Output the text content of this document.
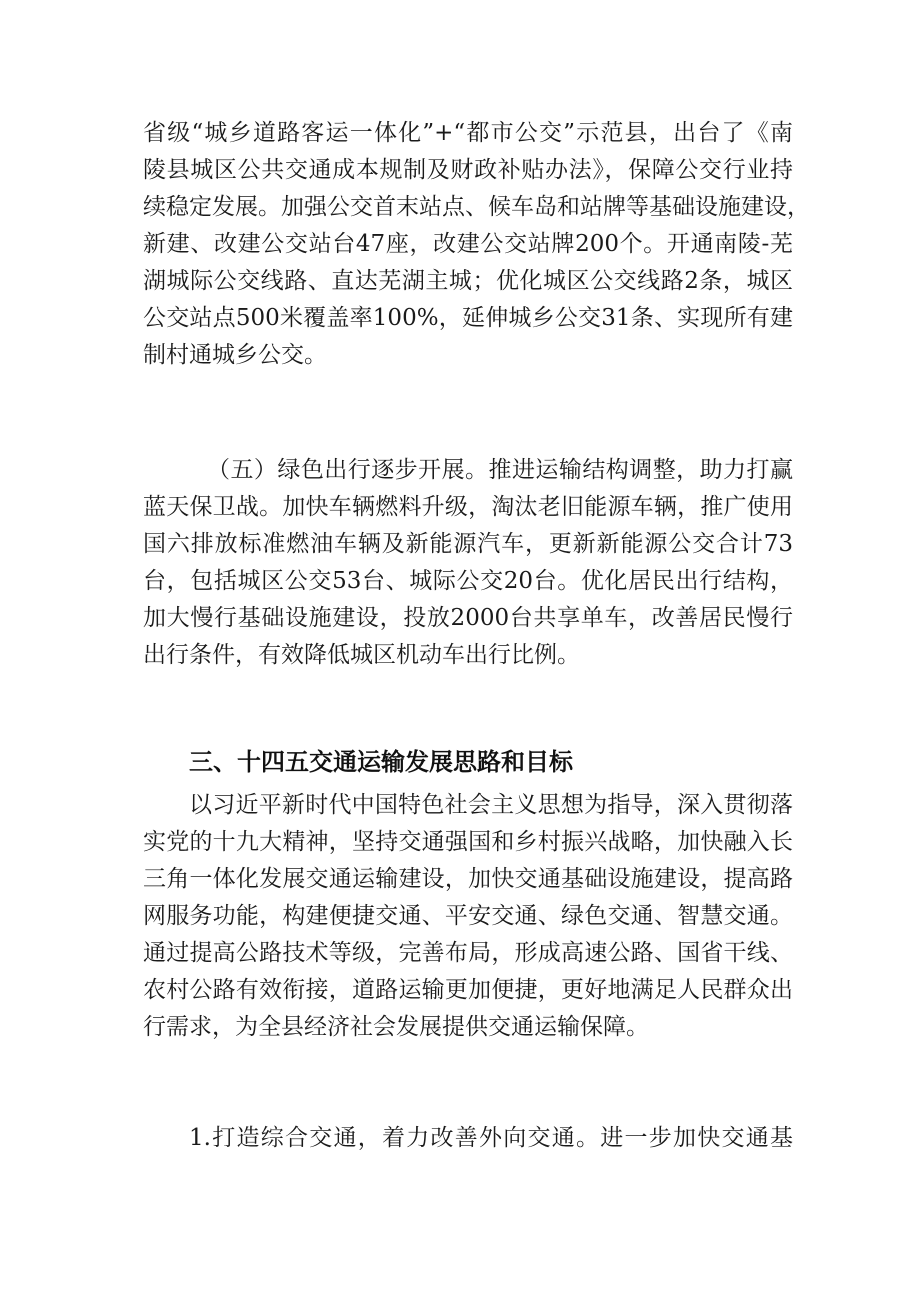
省级“城乡道路客运一体化”+“都市公交”示范县，出台了《南
陵县城区公共交通成本规制及财政补贴办法》，保障公交行业持
续稳定发展。加强公交首末站点、候车岛和站牌等基础设施建设，
新建、改建公交站台47座，改建公交站牌200个。开通南陵-芜
湖城际公交线路、直达芜湖主城；优化城区公交线路2条，城区
公交站点500米覆盖率100%，延伸城乡公交31条、实现所有建
制村通城乡公交。
（五）绿色出行逐步开展。推进运输结构调整，助力打赢
蓝天保卫战。加快车辆燃料升级，淘汰老旧能源车辆，推广使用
国六排放标准燃油车辆及新能源汽车，更新新能源公交合计73
台，包括城区公交53台、城际公交20台。优化居民出行结构，
加大慢行基础设施建设，投放2000台共享单车，改善居民慢行
出行条件，有效降低城区机动车出行比例。
三、十四五交通运输发展思路和目标
以习近平新时代中国特色社会主义思想为指导，深入贯彻落
实党的十九大精神，坚持交通强国和乡村振兴战略，加快融入长
三角一体化发展交通运输建设，加快交通基础设施建设，提高路
网服务功能，构建便捷交通、平安交通、绿色交通、智慧交通。
通过提高公路技术等级，完善布局，形成高速公路、国省干线、
农村公路有效衔接，道路运输更加便捷，更好地满足人民群众出
行需求，为全县经济社会发展提供交通运输保障。
1.打造综合交通，着力改善外向交通。进一步加快交通基
